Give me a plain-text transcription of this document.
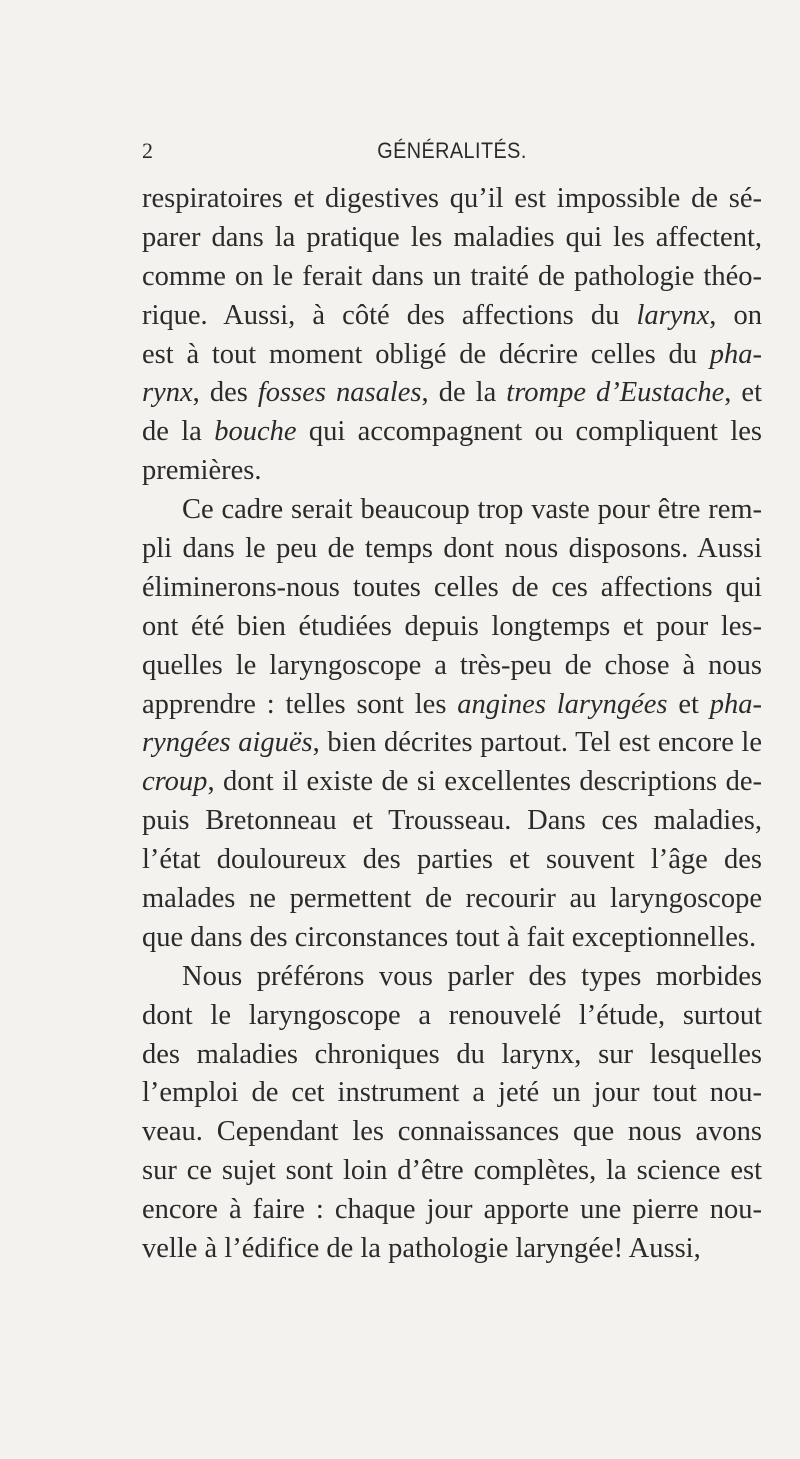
2	GÉNÉRALITÉS.
respiratoires et digestives qu’il est impossible de sé-
parer dans la pratique les maladies qui les affectent,
comme on le ferait dans un traité de pathologie théo-
rique. Aussi, à côté des affections du larynx, on
est à tout moment obligé de décrire celles du pha-
rynx, des fosses nasales, de la trompe d’Eustache, et
de la bouche qui accompagnent ou compliquent les
premières.
Ce cadre serait beaucoup trop vaste pour être rem-
pli dans le peu de temps dont nous disposons. Aussi
éliminerons-nous toutes celles de ces affections qui
ont été bien étudiées depuis longtemps et pour les-
quelles le laryngoscope a très-peu de chose à nous
apprendre : telles sont les angines laryngées et pha-
ryngées aiguës, bien décrites partout. Tel est encore le
croup, dont il existe de si excellentes descriptions de-
puis Bretonneau et Trousseau. Dans ces maladies,
l’état douloureux des parties et souvent l’âge des
malades ne permettent de recourir au laryngoscope
que dans des circonstances tout à fait exceptionnelles.
Nous préférons vous parler des types morbides
dont le laryngoscope a renouvelé l’étude, surtout
des maladies chroniques du larynx, sur lesquelles
l’emploi de cet instrument a jeté un jour tout nou-
veau. Cependant les connaissances que nous avons
sur ce sujet sont loin d’être complètes, la science est
encore à faire : chaque jour apporte une pierre nou-
velle à l’édifice de la pathologie laryngée! Aussi,
